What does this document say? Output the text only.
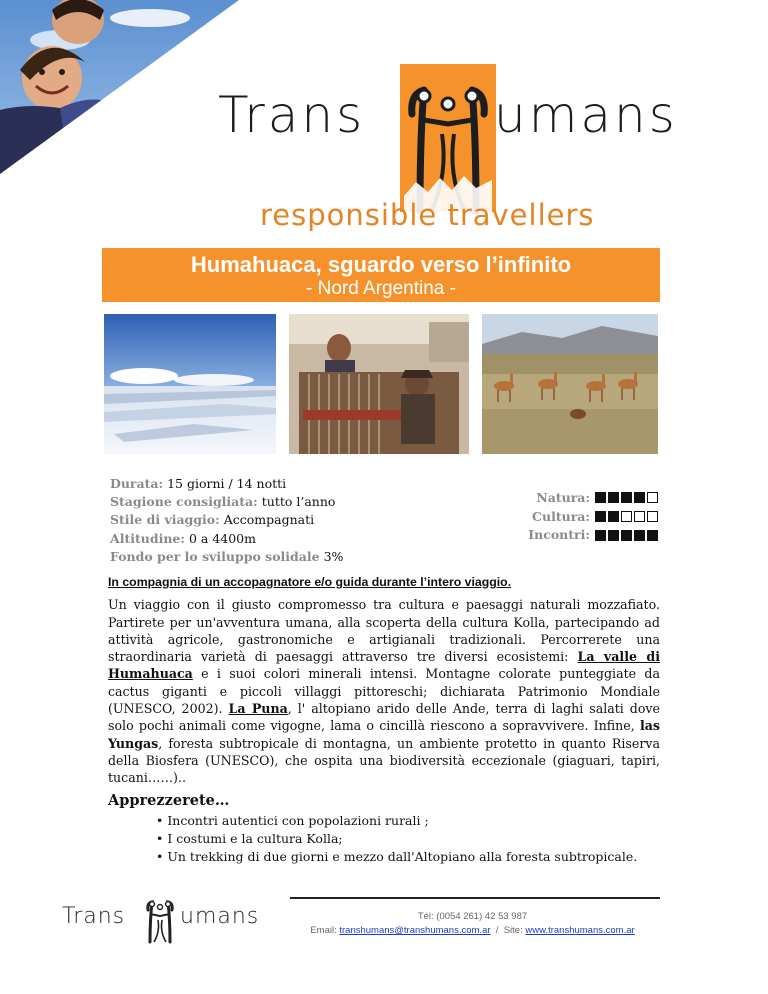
Trans	umans
responsible travellers
Humahuaca, sguardo verso l’infinito
- Nord Argentina -
Durata: 15 giorni / 14 notti
Stagione consigliata: tutto l’anno
Stile di viaggio: Accompagnati
Altitudine: 0 a 4400m
Fondo per lo sviluppo solidale 3%
Natura:
Cultura:
Incontri:
In compagnia di un accopagnatore e/o guida durante l’intero viaggio.

Un viaggio con il giusto compromesso tra cultura e paesaggi naturali mozzafiato. Partirete per un'avventura umana, alla scoperta della cultura Kolla, partecipando ad attività agricole, gastronomiche e artigianali tradizionali. Percorrerete una straordinaria varietà di paesaggi attraverso tre diversi ecosistemi: La valle di Humahuaca e i suoi colori minerali intensi. Montagne colorate punteggiate da cactus giganti e piccoli villaggi pittoreschi; dichiarata Patrimonio Mondiale (UNESCO, 2002). La Puna, l' altopiano arido delle Ande, terra di laghi salati dove solo pochi animali come vigogne, lama o cincillà riescono a sopravvivere. Infine, las Yungas, foresta subtropicale di montagna, un ambiente protetto in quanto Riserva della Biosfera (UNESCO), che ospita una biodiversità eccezionale (giaguari, tapiri, tucani……)..

Apprezzerete…
• Incontri autentici con popolazioni rurali ;
• I costumi e la cultura Kolla;
• Un trekking di due giorni e mezzo dall'Altopiano alla foresta subtropicale.
Trans umans	Tél: (0054 261) 42 53 987
Email: transhumans@transhumans.com.ar / Site: www.transhumans.com.ar
